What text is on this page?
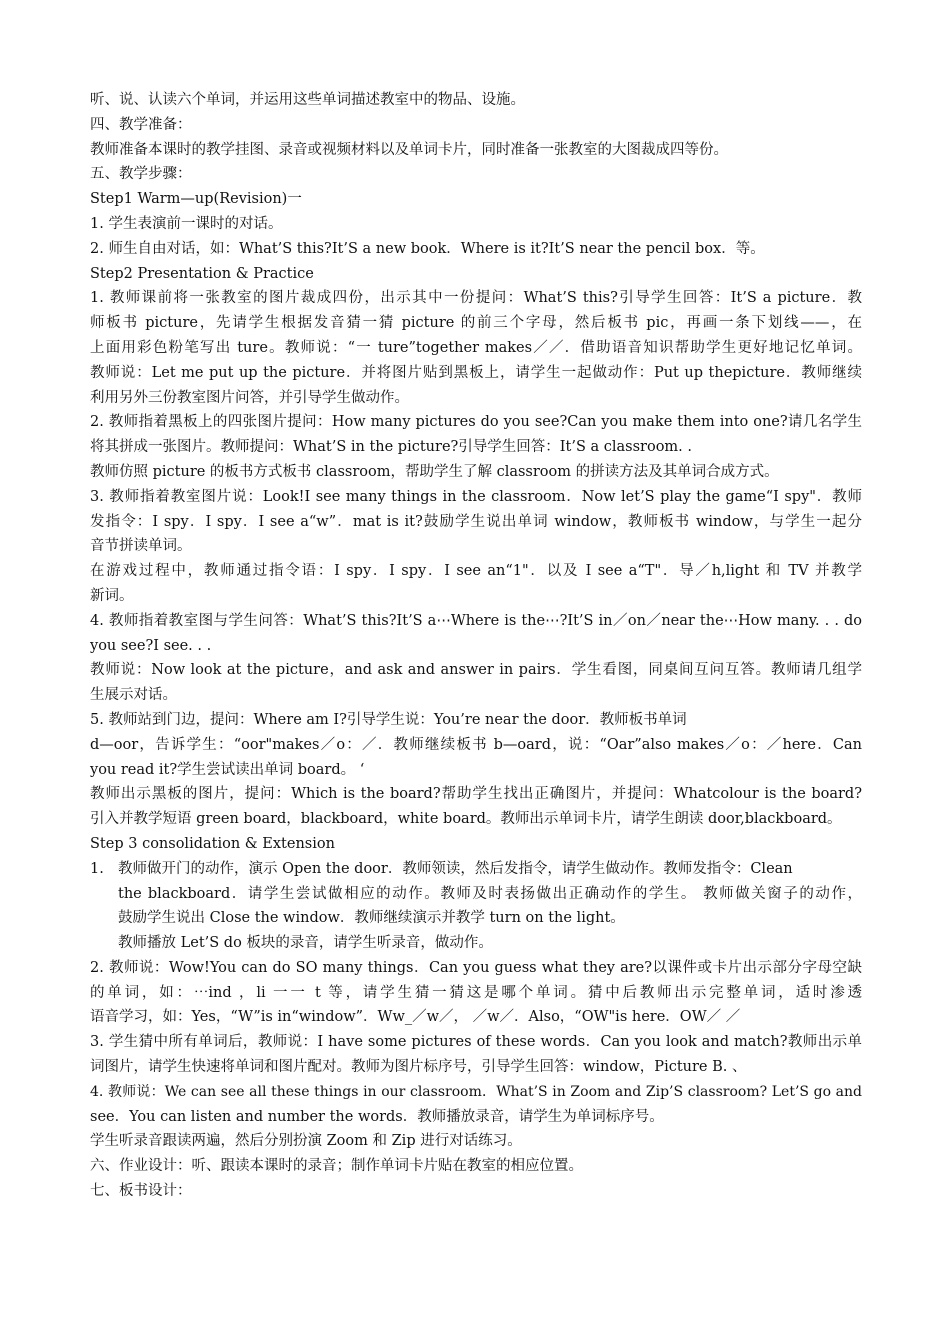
听、说、认读六个单词，并运用这些单词描述教室中的物品、设施。
四、教学准备：
教师准备本课时的教学挂图、录音或视频材料以及单词卡片，同时准备一张教室的大图裁成四等份。
五、教学步骤：
Step1 Warm—up(Revision)一
1. 学生表演前一课时的对话。
2. 师生自由对话，如：What’S this?It’S a new book．Where is it?It’S near the pencil box．等。
Step2 Presentation & Practice
1. 教师课前将一张教室的图片裁成四份，出示其中一份提问：What’S this?引导学生回答：It’S a picture．教
师板书 picture，先请学生根据发音猜一猜 picture 的前三个字母，然后板书 pic，再画一条下划线——，在
上面用彩色粉笔写出 ture。教师说：“一 ture”together makes／／．借助语音知识帮助学生更好地记忆单词。
教师说：Let me put up the picture．并将图片贴到黑板上，请学生一起做动作：Put up thepicture．教师继续
利用另外三份教室图片问答，并引导学生做动作。
2. 教师指着黑板上的四张图片提问：How many pictures do you see?Can you make them into one?请几名学生
将其拼成一张图片。教师提问：What’S in the picture?引导学生回答：It’S a classroom. .
教师仿照 picture 的板书方式板书 classroom，帮助学生了解 classroom 的拼读方法及其单词合成方式。
3. 教师指着教室图片说：Look!I see many things in the classroom．Now let’S play the game“I spy"．教师
发指令：I spy．I spy．I see a“w”．mat is it?鼓励学生说出单词 window，教师板书 window，与学生一起分
音节拼读单词。
在游戏过程中，教师通过指令语：I spy．I spy．I see an“1"．以及 I see a“T"．导／h,light 和 TV 并教学
新词。
4. 教师指着教室图与学生问答：What’S this?It’S a⋯Where is the⋯?It’S in／on／near the⋯How many. . . do
you see?I see. . .
教师说：Now look at the picture，and ask and answer in pairs．学生看图，同桌间互问互答。教师请几组学
生展示对话。
5. 教师站到门边，提问：Where am I?引导学生说：You’re near the door．教师板书单词
d—oor，告诉学生：“oor"makes／o：／．教师继续板书 b—oard，说：“Oar”also makes／o：／here．Can
you read it?学生尝试读出单词 board。 ‘
教师出示黑板的图片，提问：Which is the board?帮助学生找出正确图片，并提问：Whatcolour is the board?
引入并教学短语 green board，blackboard，white board。教师出示单词卡片，请学生朗读 door,blackboard。
Step 3 consolidation & Extension
1. 教师做开门的动作，演示 Open the door．教师领读，然后发指令，请学生做动作。教师发指令：Clean
the blackboard．请学生尝试做相应的动作。教师及时表扬做出正确动作的学生。 教师做关窗子的动作，
鼓励学生说出 Close the window．教师继续演示并教学 turn on the light。
教师播放 Let’S do 板块的录音，请学生听录音，做动作。
2. 教师说：Wow!You can do SO many things．Can you guess what they are?以课件或卡片出示部分字母空缺
的单词，如：⋯ind ，li 一一 t 等，请学生猜一猜这是哪个单词。猜中后教师出示完整单词，适时渗透
语音学习，如：Yes，“W”is in“window”．Ww_／w／， ／w／．Also，“OW"is here．OW／ ／
3. 学生猜中所有单词后，教师说：I have some pictures of these words．Can you look and match?教师出示单
词图片，请学生快速将单词和图片配对。教师为图片标序号，引导学生回答：window，Picture B. 、
4. 教师说：We can see all these things in our classroom．What’S in Zoom and Zip’S classroom? Let’S go and
see．You can listen and number the words．教师播放录音，请学生为单词标序号。
学生听录音跟读两遍，然后分别扮演 Zoom 和 Zip 进行对话练习。
六、作业设计：听、跟读本课时的录音；制作单词卡片贴在教室的相应位置。
七、板书设计：
